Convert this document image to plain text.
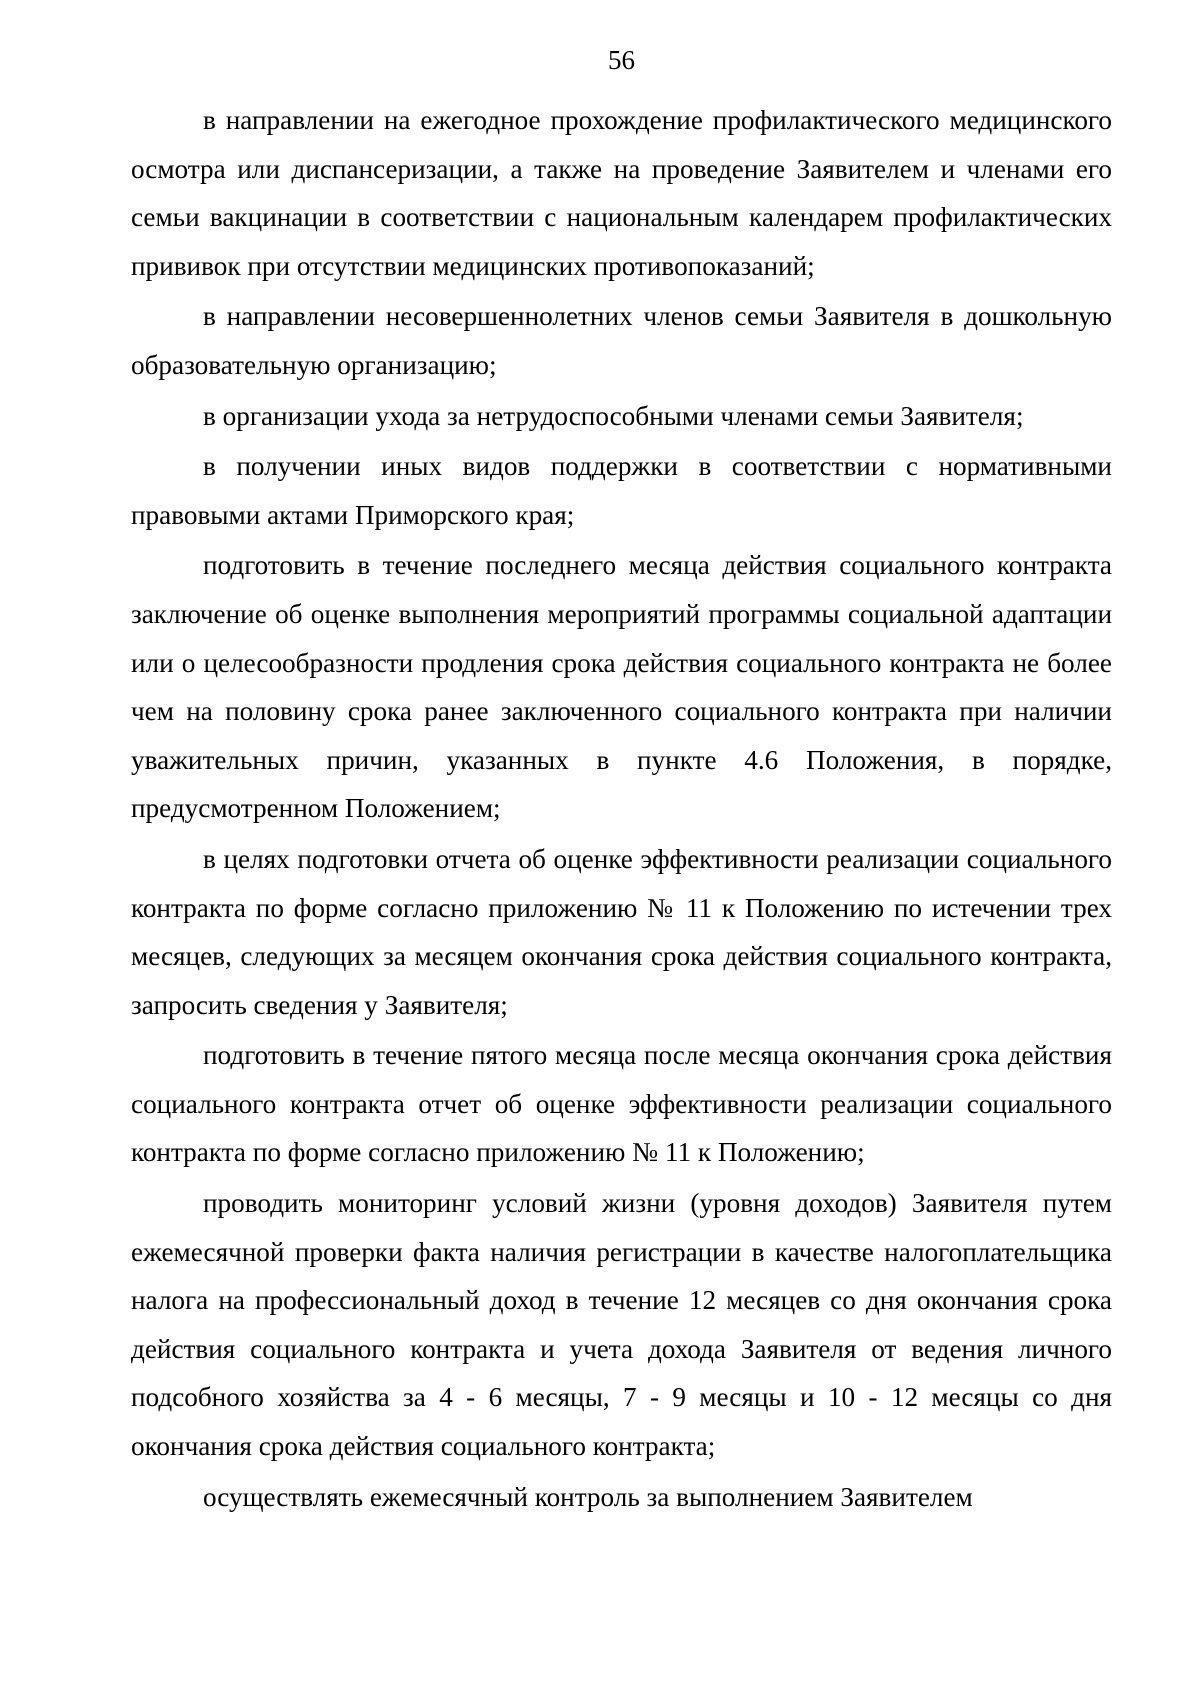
56

в направлении на ежегодное прохождение профилактического медицинского осмотра или диспансеризации, а также на проведение Заявителем и членами его семьи вакцинации в соответствии с национальным календарем профилактических прививок при отсутствии медицинских противопоказаний;

в направлении несовершеннолетних членов семьи Заявителя в дошкольную образовательную организацию;

в организации ухода за нетрудоспособными членами семьи Заявителя;

в получении иных видов поддержки в соответствии с нормативными правовыми актами Приморского края;

подготовить в течение последнего месяца действия социального контракта заключение об оценке выполнения мероприятий программы социальной адаптации или о целесообразности продления срока действия социального контракта не более чем на половину срока ранее заключенного социального контракта при наличии уважительных причин, указанных в пункте 4.6 Положения, в порядке, предусмотренном Положением;

в целях подготовки отчета об оценке эффективности реализации социального контракта по форме согласно приложению № 11 к Положению по истечении трех месяцев, следующих за месяцем окончания срока действия социального контракта, запросить сведения у Заявителя;

подготовить в течение пятого месяца после месяца окончания срока действия социального контракта отчет об оценке эффективности реализации социального контракта по форме согласно приложению № 11 к Положению;

проводить мониторинг условий жизни (уровня доходов) Заявителя путем ежемесячной проверки факта наличия регистрации в качестве налогоплательщика налога на профессиональный доход в течение 12 месяцев со дня окончания срока действия социального контракта и учета дохода Заявителя от ведения личного подсобного хозяйства за 4 - 6 месяцы, 7 - 9 месяцы и 10 - 12 месяцы со дня окончания срока действия социального контракта;

осуществлять ежемесячный контроль за выполнением Заявителем
